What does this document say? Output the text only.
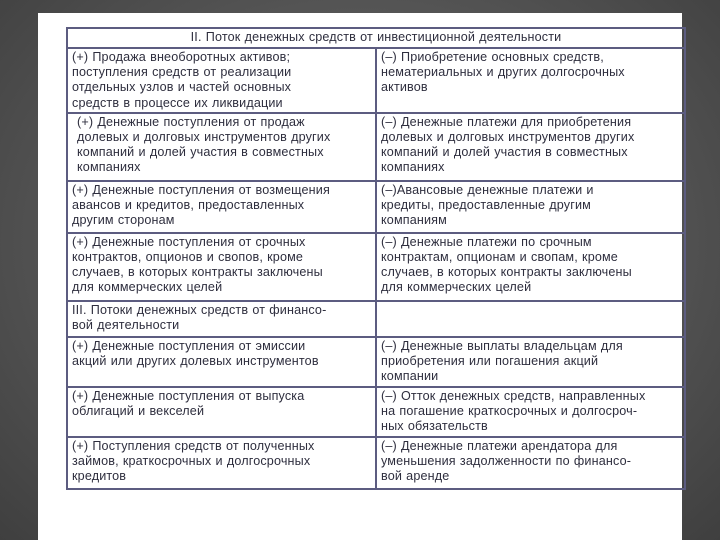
II. Поток денежных средств от инвестиционной деятельности	
(+) Продажа внеоборотных активов;
поступления средств от реализации
отдельных узлов и частей основных
средств в процессе их ликвидации	(–) Приобретение основных средств,
нематериальных и других долгосрочных
активов
(+) Денежные поступления от продаж
долевых и долговых инструментов других
компаний и долей участия в совместных
компаниях	(–) Денежные платежи для приобретения
долевых и долговых инструментов других
компаний и долей участия в совместных
компаниях
(+) Денежные поступления от возмещения
авансов и кредитов, предоставленных
другим сторонам	(–)Авансовые денежные платежи и
кредиты, предоставленные другим
компаниям
(+) Денежные поступления от срочных
контрактов, опционов и свопов, кроме
случаев, в которых контракты заключены
для коммерческих целей	(–) Денежные платежи по срочным
контрактам, опционам и свопам, кроме
случаев, в которых контракты заключены
для коммерческих целей
III. Потоки денежных средств от финансо-
вой деятельности	
(+) Денежные поступления от эмиссии
акций или других долевых инструментов	(–) Денежные выплаты владельцам для
приобретения или погашения акций
компании
(+) Денежные поступления от выпуска
облигаций и векселей	(–) Отток денежных средств, направленных
на погашение краткосрочных и долгосроч-
ных обязательств
(+) Поступления средств от полученных
займов, краткосрочных и долгосрочных
кредитов	(–) Денежные платежи арендатора для
уменьшения задолженности по финансо-
вой аренде
